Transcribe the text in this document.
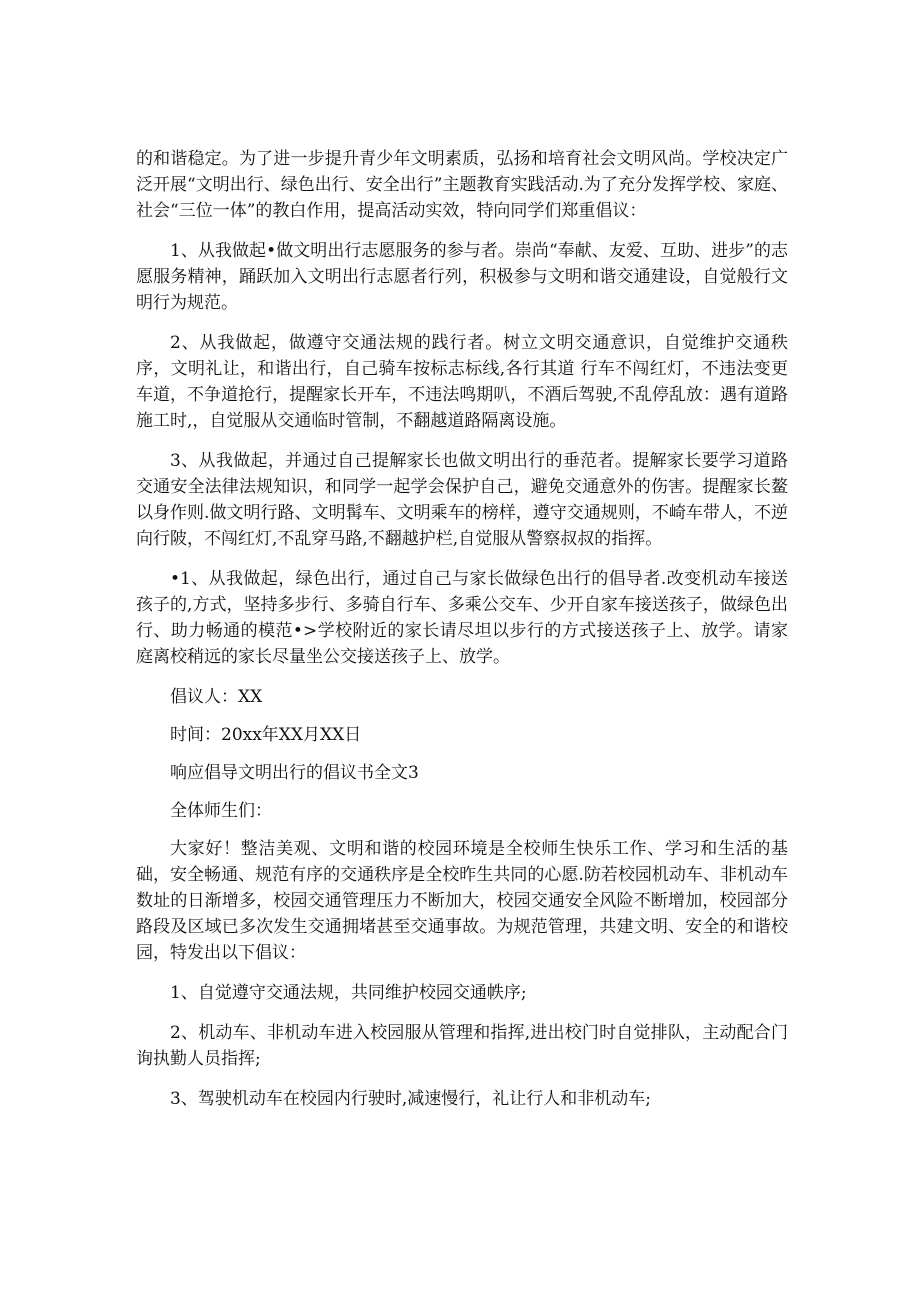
的和谐稳定。为了进一步提升青少年文明素质，弘扬和培育社会文明风尚。学校决定广泛开展“文明出行、绿色出行、安全出行”主题教育实践活动.为了充分发挥学校、家庭、社会“三位一体”的教白作用，提高活动实效，特向同学们郑重倡议：

1、从我做起•做文明出行志愿服务的参与者。崇尚“奉献、友爱、互助、进步”的志愿服务精神，踊跃加入文明出行志愿者行列，积极参与文明和谐交通建设，自觉般行文明行为规范。

2、从我做起，做遵守交通法规的践行者。树立文明交通意识，自觉维护交通秩序，文明礼让，和谐出行，自己骑车按标志标线,各行其道 行车不闯红灯，不违法变更车道，不争道抢行，提醒家长开车，不违法鸣期叭，不酒后驾驶,不乱停乱放：遇有道路施工时,，自觉服从交通临时管制，不翻越道路隔离设施。

3、从我做起，并通过自己提解家长也做文明出行的垂范者。提解家长要学习道路交通安全法律法规知识，和同学一起学会保护自己，避免交通意外的伤害。提醒家长鳌以身作则.做文明行路、文明髯车、文明乘车的榜样，遵守交通规则，不崎车带人，不逆向行陂，不闯红灯,不乱穿马路,不翻越护栏,自觉服从警察叔叔的指挥。

•1、从我做起，绿色出行，通过自己与家长做绿色出行的倡导者.改变机动车接送孩子的,方式，坚持多步行、多骑自行车、多乘公交车、少开自家车接送孩子，做绿色出行、助力畅通的模范•>学校附近的家长请尽坦以步行的方式接送孩子上、放学。请家庭离校稍远的家长尽量坐公交接送孩子上、放学。

倡议人：XX
时间：20xx年XX月XX日
响应倡导文明出行的倡议书全文3
全体师生们：

大家好！整洁美观、文明和谐的校园环境是全校师生快乐工作、学习和生活的基础，安全畅通、规范有序的交通秩序是全校昨生共同的心愿.防若校园机动车、非机动车数址的日渐增多，校园交通管理压力不断加大，校园交通安全风险不断增加，校园部分路段及区域已多次发生交通拥堵甚至交通事故。为规范管理，共建文明、安全的和谐校园，特发出以下倡议：

1、自觉遵守交通法规，共同维护校园交通帙序;

2、机动车、非机动车进入校园服从管理和指挥,进出校门时自觉排队，主动配合门询执勤人员指挥;

3、驾驶机动车在校园内行驶时,减速慢行，礼让行人和非机动车;
